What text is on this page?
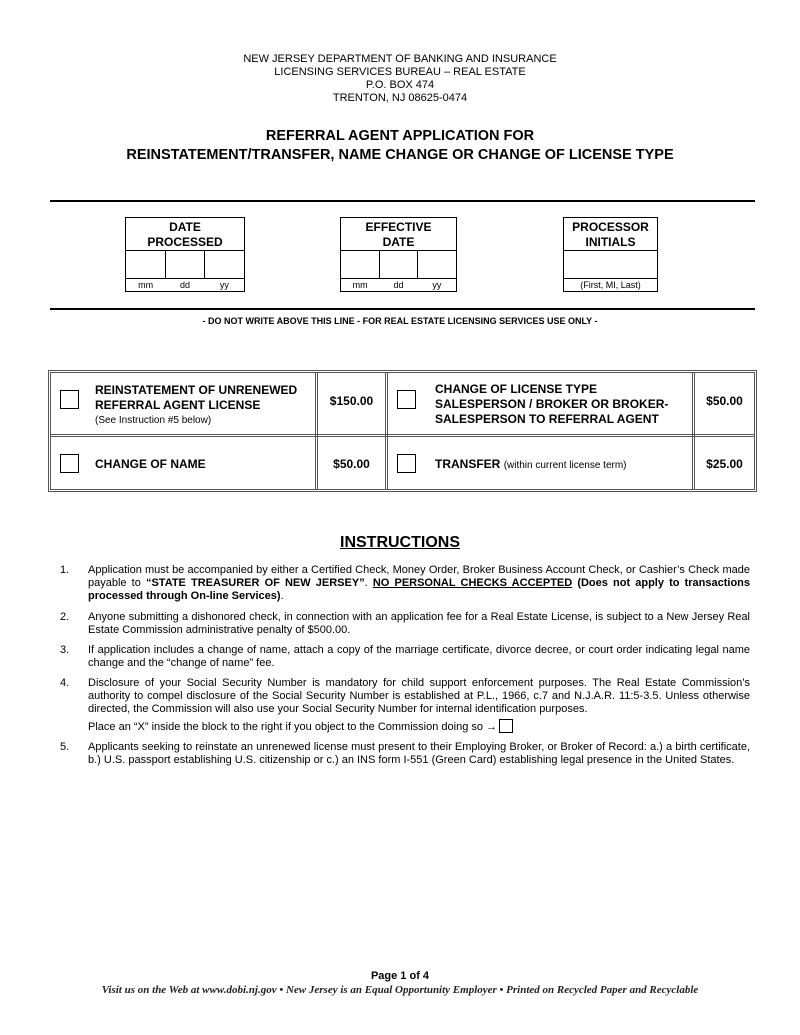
NEW JERSEY DEPARTMENT OF BANKING AND INSURANCE
LICENSING SERVICES BUREAU – REAL ESTATE
P.O. BOX 474
TRENTON, NJ 08625-0474
REFERRAL AGENT APPLICATION FOR
REINSTATEMENT/TRANSFER, NAME CHANGE OR CHANGE OF LICENSE TYPE
DATE
PROCESSED
mm	dd	yy
EFFECTIVE
DATE
mm	dd	yy
PROCESSOR
INITIALS
(First, MI, Last)
- DO NOT WRITE ABOVE THIS LINE - FOR REAL ESTATE LICENSING SERVICES USE ONLY -
REINSTATEMENT OF UNRENEWED
REFERRAL AGENT LICENSE
(See Instruction #5 below)
$150.00
CHANGE OF LICENSE TYPE
SALESPERSON / BROKER OR BROKER-
SALESPERSON TO REFERRAL AGENT
$50.00
CHANGE OF NAME	$50.00	TRANSFER (within current license term)	$25.00
INSTRUCTIONS
1. Application must be accompanied by either a Certified Check, Money Order, Broker Business Account Check, or Cashier’s Check made payable to “STATE TREASURER OF NEW JERSEY”. NO PERSONAL CHECKS ACCEPTED (Does not apply to transactions processed through On-line Services).
2. Anyone submitting a dishonored check, in connection with an application fee for a Real Estate License, is subject to a New Jersey Real Estate Commission administrative penalty of $500.00.
3. If application includes a change of name, attach a copy of the marriage certificate, divorce decree, or court order indicating legal name change and the “change of name” fee.
4. Disclosure of your Social Security Number is mandatory for child support enforcement purposes. The Real Estate Commission’s authority to compel disclosure of the Social Security Number is established at P.L., 1966, c.7 and N.J.A.R. 11:5-3.5. Unless otherwise directed, the Commission will also use your Social Security Number for internal identification purposes.
Place an “X” inside the block to the right if you object to the Commission doing so →
5. Applicants seeking to reinstate an unrenewed license must present to their Employing Broker, or Broker of Record: a.) a birth certificate, b.) U.S. passport establishing U.S. citizenship or c.) an INS form I-551 (Green Card) establishing legal presence in the United States.
Page 1 of 4
Visit us on the Web at www.dobi.nj.gov • New Jersey is an Equal Opportunity Employer • Printed on Recycled Paper and Recyclable
